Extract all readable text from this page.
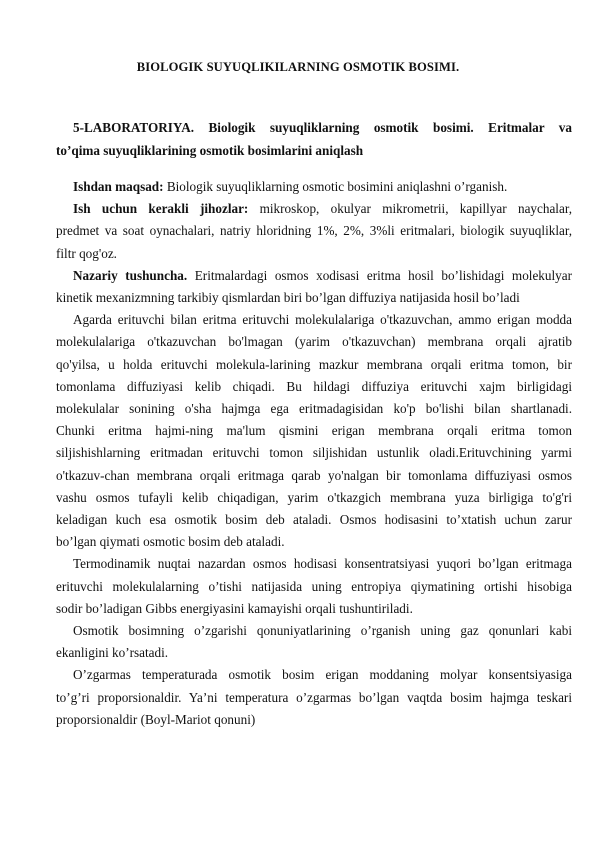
BIOLOGIK SUYUQLIKILARNING OSMOTIK BOSIMI.
5-LABORATORIYA. Biologik suyuqliklarning osmotik bosimi. Eritmalar va
to’qima suyuqliklarining osmotik bosimlarini aniqlash
Ishdan maqsad: Biologik suyuqliklarning osmotic bosimini aniqlashni o’rganish.
Ish uchun kerakli jihozlar: mikroskop, okulyar mikrometrii, kapillyar naychalar,
predmet va soat oynachalari, natriy hloridning 1%, 2%, 3%li eritmalari, biologik suyuqliklar,
filtr qog'oz.
Nazariy tushuncha. Eritmalardagi osmos xodisasi eritma hosil bo’lishidagi molekulyar
kinetik mexanizmning tarkibiy qismlardan biri bo’lgan diffuziya natijasida hosil bo’ladi
Agarda erituvchi bilan eritma erituvchi molekulalariga o'tkazuvchan, ammo erigan modda
molekulalariga o'tkazuvchan bo'lmagan (yarim o'tkazuvchan) membrana orqali ajratib
qo'yilsa, u holda erituvchi molekula-larining mazkur membrana orqali eritma tomon, bir
tomonlama diffuziyasi kelib chiqadi. Bu hildagi diffuziya erituvchi xajm birligidagi
molekulalar sonining o'sha hajmga ega eritmadagisidan ko'p bo'lishi bilan shartlanadi.
Chunki eritma hajmi-ning ma'lum qismini erigan membrana orqali eritma tomon
siljishishlarning eritmadan erituvchi tomon siljishidan ustunlik oladi.Erituvchining yarmi
o'tkazuv-chan membrana orqali eritmaga qarab yo'nalgan bir tomonlama diffuziyasi osmos
vashu osmos tufayli kelib chiqadigan, yarim o'tkazgich membrana yuza birligiga to'g'ri
keladigan kuch esa osmotik bosim deb ataladi. Osmos hodisasini to’xtatish uchun zarur
bo’lgan qiymati osmotic bosim deb ataladi.
Termodinamik nuqtai nazardan osmos hodisasi konsentratsiyasi yuqori bo’lgan eritmaga
erituvchi molekulalarning o’tishi natijasida uning entropiya qiymatining ortishi hisobiga
sodir bo’ladigan Gibbs energiyasini kamayishi orqali tushuntiriladi.
Osmotik bosimning o’zgarishi qonuniyatlarining o’rganish uning gaz qonunlari kabi
ekanligini ko’rsatadi.
O’zgarmas temperaturada osmotik bosim erigan moddaning molyar konsentsiyasiga
to’g’ri proporsionaldir. Ya’ni temperatura o’zgarmas bo’lgan vaqtda bosim hajmga teskari
proporsionaldir (Boyl-Mariot qonuni)
